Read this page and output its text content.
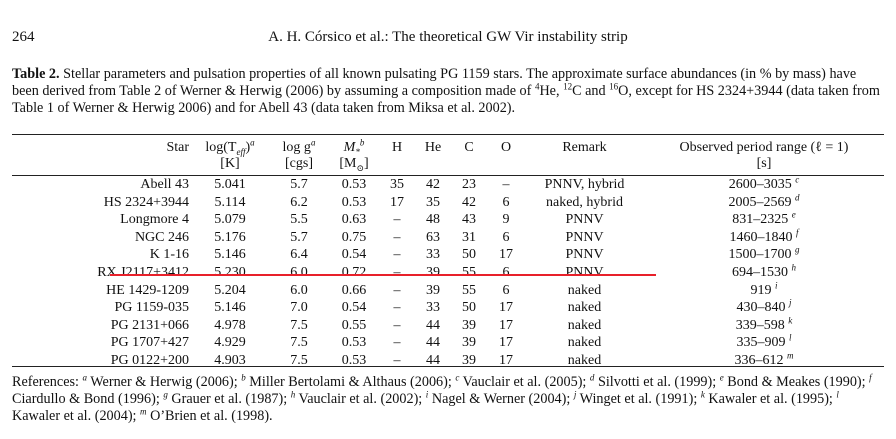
264	A. H. Córsico et al.: The theoretical GW Vir instability strip
Table 2. Stellar parameters and pulsation properties of all known pulsating PG 1159 stars. The approximate surface abundances (in % by mass) have been derived from Table 2 of Werner & Herwig (2006) by assuming a composition made of $^4$He, $^{12}$C and $^{16}$O, except for HS 2324+3944 (data taken from Table 1 of Werner & Herwig 2006) and for Abell 43 (data taken from Miksa et al. 2002).
Star	$\log(T_{eff})^a$	$\log g^a$	$M_*^b$	H	He	C	O	Remark	Observed period range (ℓ = 1)
	[K]	[cgs]	$[M_⊙]$						[s]

Abell 43	5.041	5.7	0.53	35	42	23	–	PNNV, hybrid	2600–3035 $^c$
HS 2324+3944	5.114	6.2	0.53	17	35	42	6	naked, hybrid	2005–2569 $^d$
Longmore 4	5.079	5.5	0.63	–	48	43	9	PNNV	831–2325 $^e$
NGC 246	5.176	5.7	0.75	–	63	31	6	PNNV	1460–1840 $^f$
K 1-16	5.146	6.4	0.54	–	33	50	17	PNNV	1500–1700 $^g$
RX J2117+3412	5.230	6.0	0.72	–	39	55	6	PNNV	694–1530 $^h$
HE 1429-1209	5.204	6.0	0.66	–	39	55	6	naked	919 $^i$
PG 1159-035	5.146	7.0	0.54	–	33	50	17	naked	430–840 $^j$
PG 2131+066	4.978	7.5	0.55	–	44	39	17	naked	339–598 $^k$
PG 1707+427	4.929	7.5	0.53	–	44	39	17	naked	335–909 $^l$
PG 0122+200	4.903	7.5	0.53	–	44	39	17	naked	336–612 $^m$
References: $^a$ Werner & Herwig (2006); $^b$ Miller Bertolami & Althaus (2006); $^c$ Vauclair et al. (2005); $^d$ Silvotti et al. (1999); $^e$ Bond & Meakes (1990); $^f$ Ciardullo & Bond (1996); $^g$ Grauer et al. (1987); $^h$ Vauclair et al. (2002); $^i$ Nagel & Werner (2004); $^j$ Winget et al. (1991); $^k$ Kawaler et al. (1995); $^l$ Kawaler et al. (2004); $^m$ O’Brien et al. (1998).
